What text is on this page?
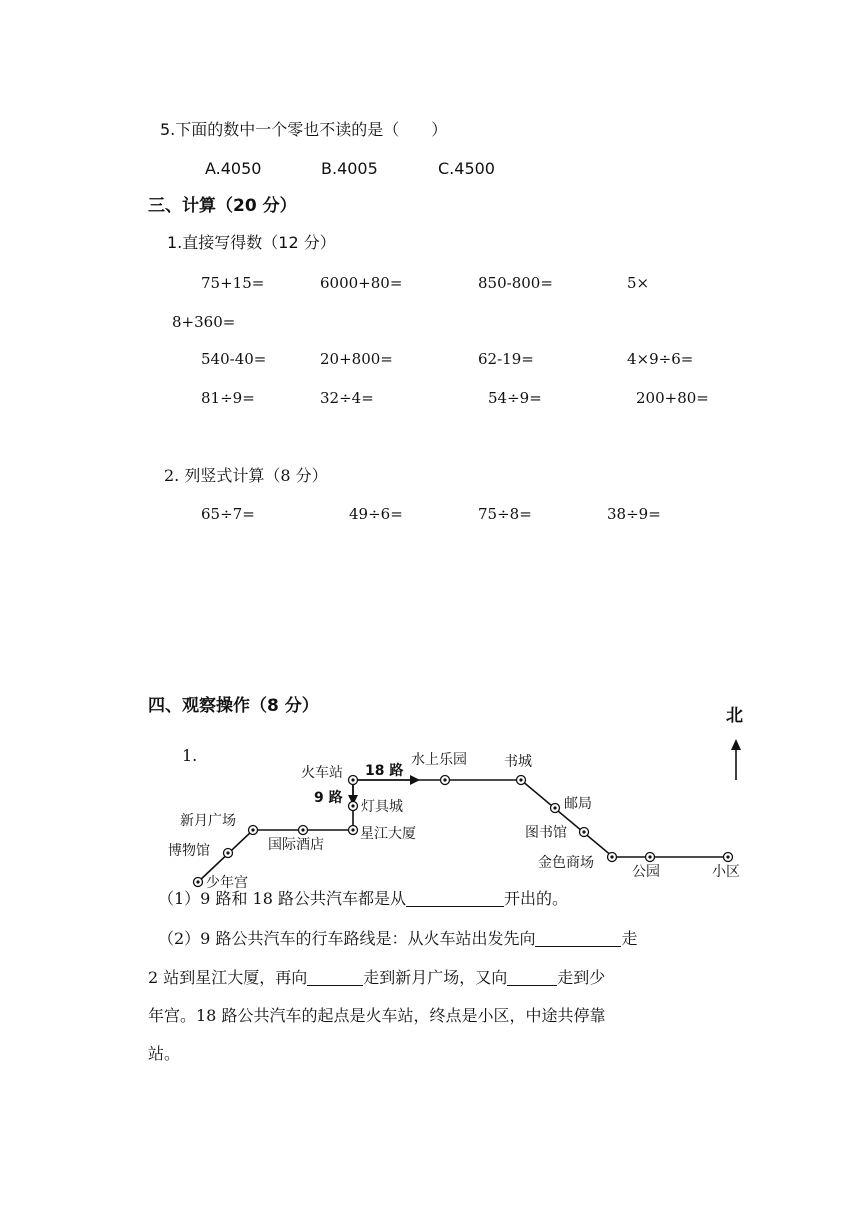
5.下面的数中一个零也不读的是（　　）
A.4050	B.4005	C.4500
三、计算（20 分）
1.直接写得数（12 分）
75+15=	6000+80=	850-800=	5×
8+360=
540-40=	20+800=	62-19=	4×9÷6=
81÷9=	32÷4=	54÷9=	200+80=
2. 列竖式计算（8 分）
65÷7=	49÷6=	75÷8=	38÷9=
四、观察操作（8 分）	北
1.
18 路
9 路
火车站
水上乐园	书城
邮局
图书馆
金色商场
公园	小区
灯具城
星江大厦
国际酒店
新月广场
博物馆
少年宫
（1）9 路和 18 路公共汽车都是从	开出的。
（2）9 路公共汽车的行车路线是：从火车站出发先向	走
2 站到星江大厦，再向	走到新月广场，又向	走到少
年宫。18 路公共汽车的起点是火车站，终点是小区，中途共停靠
站。
